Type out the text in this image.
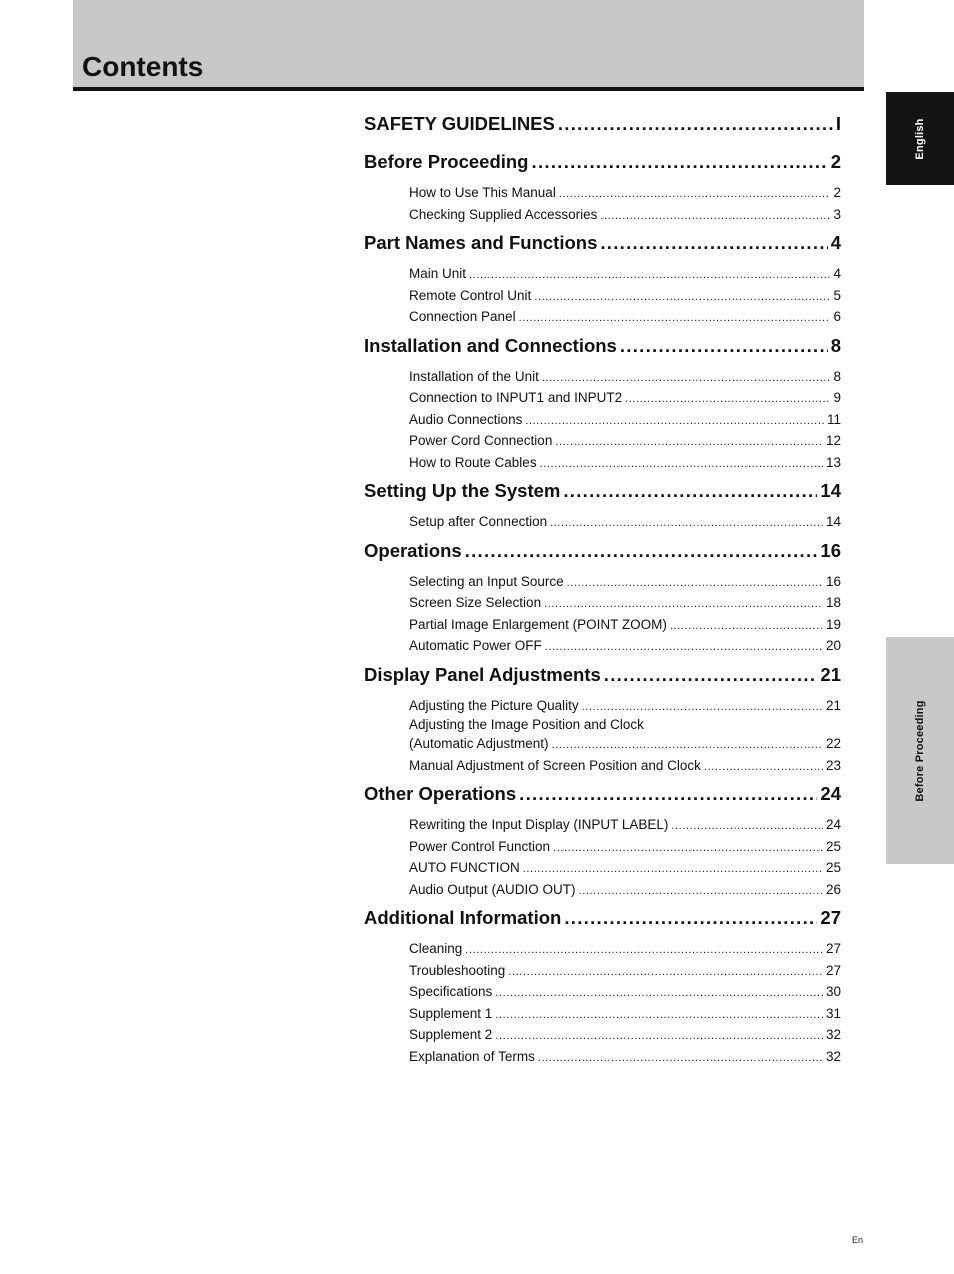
Contents
English
Before Proceeding
SAFETY GUIDELINES .....	I
Before Proceeding .....	2
How to Use This Manual .....	2
Checking Supplied Accessories .....	3
Part Names and Functions .....	4
Main Unit .....	4
Remote Control Unit .....	5
Connection Panel .....	6
Installation and Connections .....	8
Installation of the Unit .....	8
Connection to INPUT1 and INPUT2 .....	9
Audio Connections .....	11
Power Cord Connection .....	12
How to Route Cables .....	13
Setting Up the System .....	14
Setup after Connection .....	14
Operations .....	16
Selecting an Input Source .....	16
Screen Size Selection .....	18
Partial Image Enlargement (POINT ZOOM) .....	19
Automatic Power OFF .....	20
Display Panel Adjustments .....	21
Adjusting the Picture Quality .....	21
Adjusting the Image Position and Clock
(Automatic Adjustment) .....	22
Manual Adjustment of Screen Position and Clock .....	23
Other Operations .....	24
Rewriting the Input Display (INPUT LABEL) .....	24
Power Control Function .....	25
AUTO FUNCTION .....	25
Audio Output (AUDIO OUT) .....	26
Additional Information .....	27
Cleaning .....	27
Troubleshooting .....	27
Specifications .....	30
Supplement 1 .....	31
Supplement 2 .....	32
Explanation of Terms .....	32
En
